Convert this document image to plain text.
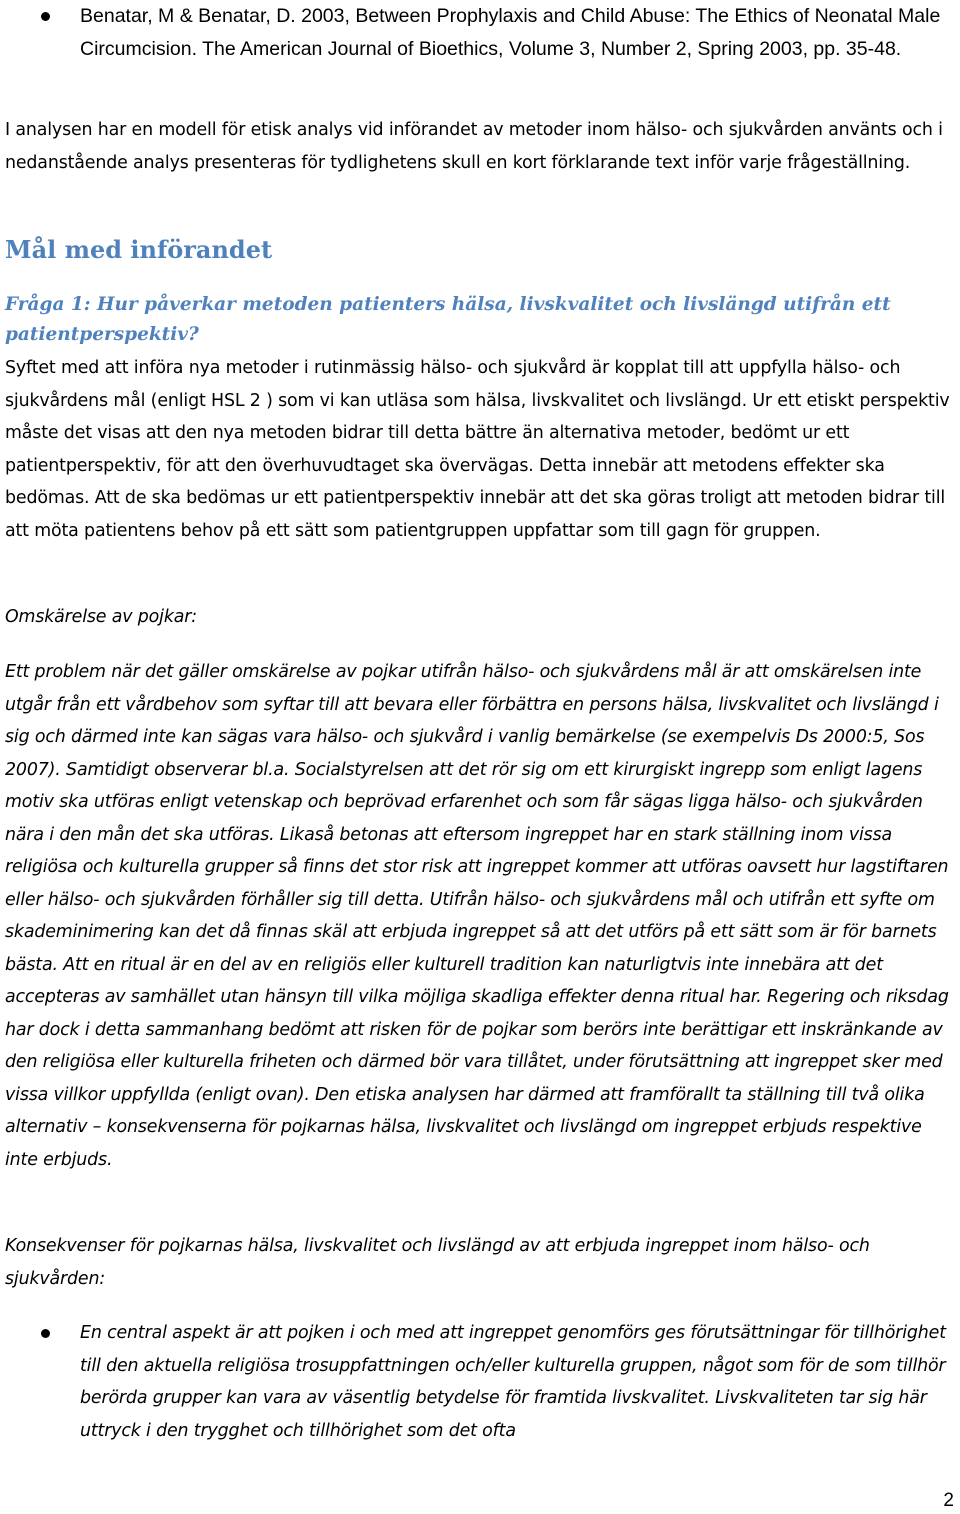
Benatar, M & Benatar, D. 2003, Between Prophylaxis and Child Abuse: The Ethics of Neonatal Male Circumcision. The American Journal of Bioethics, Volume 3, Number 2, Spring 2003, pp. 35-48.

I analysen har en modell för etisk analys vid införandet av metoder inom hälso- och sjukvården använts och i nedanstående analys presenteras för tydlighetens skull en kort förklarande text inför varje frågeställning.

Mål med införandet
Fråga 1: Hur påverkar metoden patienters hälsa, livskvalitet och livslängd utifrån ett patientperspektiv?

Syftet med att införa nya metoder i rutinmässig hälso- och sjukvård är kopplat till att uppfylla hälso- och sjukvårdens mål (enligt HSL 2 ) som vi kan utläsa som hälsa, livskvalitet och livslängd. Ur ett etiskt perspektiv måste det visas att den nya metoden bidrar till detta bättre än alternativa metoder, bedömt ur ett patientperspektiv, för att den överhuvudtaget ska övervägas. Detta innebär att metodens effekter ska bedömas. Att de ska bedömas ur ett patientperspektiv innebär att det ska göras troligt att metoden bidrar till att möta patientens behov på ett sätt som patientgruppen uppfattar som till gagn för gruppen.

Omskärelse av pojkar:

Ett problem när det gäller omskärelse av pojkar utifrån hälso- och sjukvårdens mål är att omskärelsen inte utgår från ett vårdbehov som syftar till att bevara eller förbättra en persons hälsa, livskvalitet och livslängd i sig och därmed inte kan sägas vara hälso- och sjukvård i vanlig bemärkelse (se exempelvis Ds 2000:5, Sos 2007). Samtidigt observerar bl.a. Socialstyrelsen att det rör sig om ett kirurgiskt ingrepp som enligt lagens motiv ska utföras enligt vetenskap och beprövad erfarenhet och som får sägas ligga hälso- och sjukvården nära i den mån det ska utföras. Likaså betonas att eftersom ingreppet har en stark ställning inom vissa religiösa och kulturella grupper så finns det stor risk att ingreppet kommer att utföras oavsett hur lagstiftaren eller hälso- och sjukvården förhåller sig till detta. Utifrån hälso- och sjukvårdens mål och utifrån ett syfte om skademinimering kan det då finnas skäl att erbjuda ingreppet så att det utförs på ett sätt som är för barnets bästa. Att en ritual är en del av en religiös eller kulturell tradition kan naturligtvis inte innebära att det accepteras av samhället utan hänsyn till vilka möjliga skadliga effekter denna ritual har. Regering och riksdag har dock i detta sammanhang bedömt att risken för de pojkar som berörs inte berättigar ett inskränkande av den religiösa eller kulturella friheten och därmed bör vara tillåtet, under förutsättning att ingreppet sker med vissa villkor uppfyllda (enligt ovan). Den etiska analysen har därmed att framförallt ta ställning till två olika alternativ – konsekvenserna för pojkarnas hälsa, livskvalitet och livslängd om ingreppet erbjuds respektive inte erbjuds.

Konsekvenser för pojkarnas hälsa, livskvalitet och livslängd av att erbjuda ingreppet inom hälso- och sjukvården:

En central aspekt är att pojken i och med att ingreppet genomförs ges förutsättningar för tillhörighet till den aktuella religiösa trosuppfattningen och/eller kulturella gruppen, något som för de som tillhör berörda grupper kan vara av väsentlig betydelse för framtida livskvalitet. Livskvaliteten tar sig här uttryck i den trygghet och tillhörighet som det ofta

2
